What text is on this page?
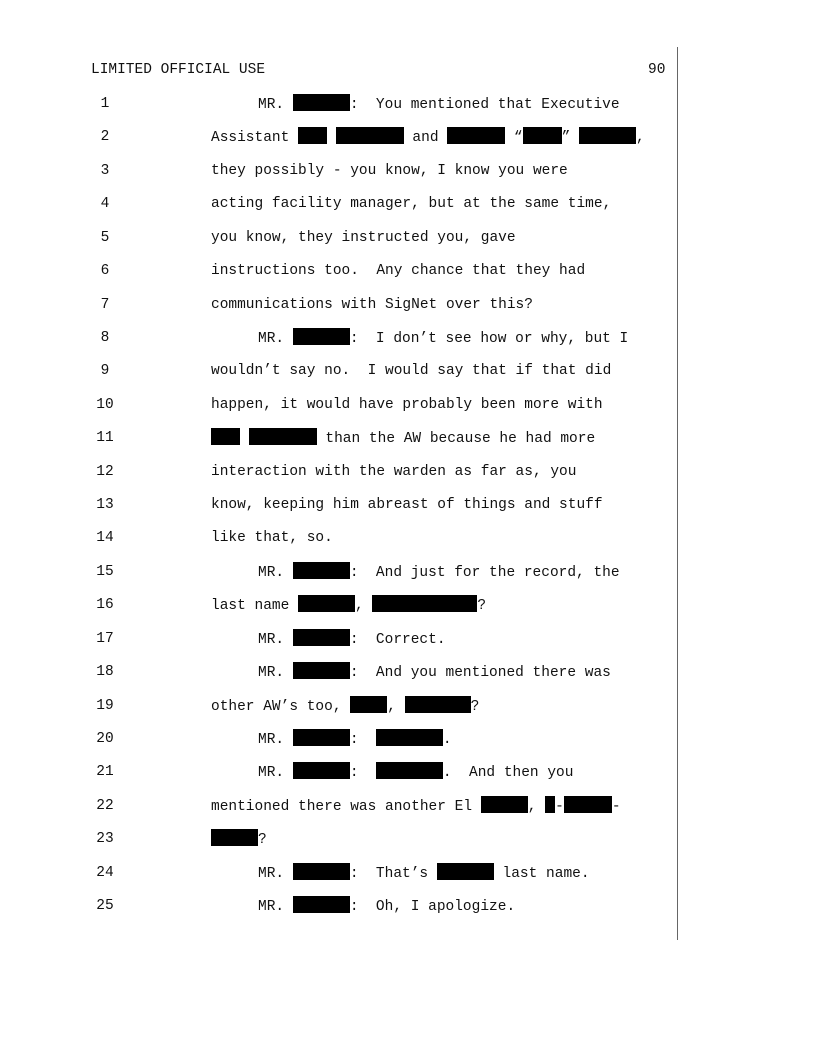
LIMITED OFFICIAL USE	90
1	MR.	:  You mentioned that Executive
2	Assistant	and	“	”	,
3	they possibly - you know, I know you were
4	acting facility manager, but at the same time,
5	you know, they instructed you, gave
6	instructions too.  Any chance that they had
7	communications with SigNet over this?
8	MR.	:  I don’t see how or why, but I
9	wouldn’t say no.  I would say that if that did
10	happen, it would have probably been more with
11	than the AW because he had more
12	interaction with the warden as far as, you
13	know, keeping him abreast of things and stuff
14	like that, so.
15	MR.	:  And just for the record, the
16	last name	,	?
17	MR.	:  Correct.
18	MR.	:  And you mentioned there was
19	other AW’s too,	,	?
20	MR.	:	.
21	MR.	:	.  And then you
22	mentioned there was another El	, -	-
23	?
24	MR.	:  That’s	last name.
25	MR.	:  Oh, I apologize.
